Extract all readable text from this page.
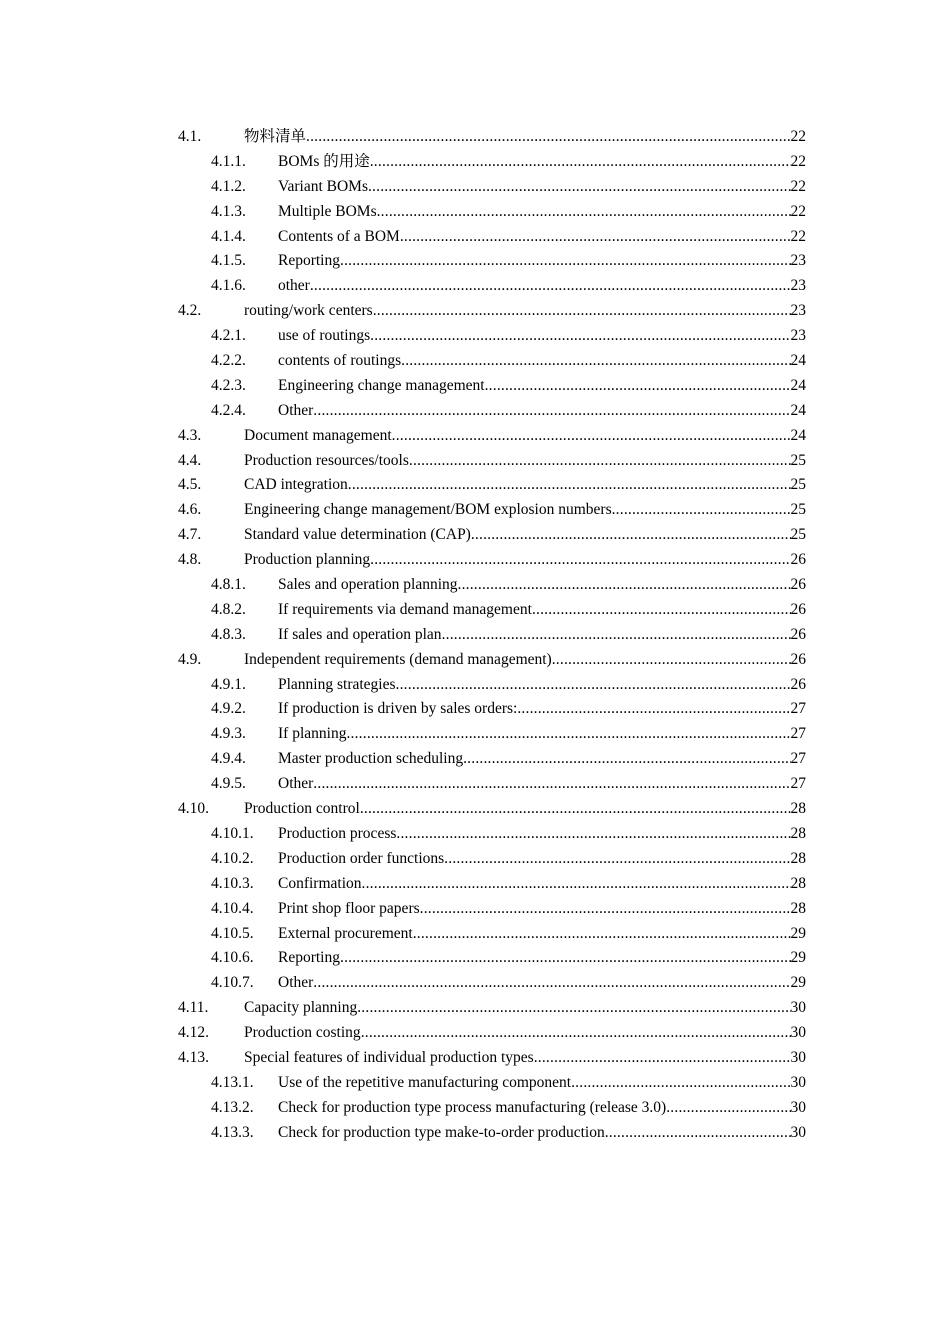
4.1.	物料清单 .....	22
4.1.1.	BOMs 的用途 .....	22
4.1.2.	Variant BOMs .....	22
4.1.3.	Multiple BOMs .....	22
4.1.4.	Contents of a BOM .....	22
4.1.5.	Reporting .....	23
4.1.6.	other .....	23
4.2.	routing/work centers .....	23
4.2.1.	use of routings .....	23
4.2.2.	contents of routings .....	24
4.2.3.	Engineering change management .....	24
4.2.4.	Other .....	24
4.3.	Document management .....	24
4.4.	Production resources/tools .....	25
4.5.	CAD integration .....	25
4.6.	Engineering change management/BOM explosion numbers .....	25
4.7.	Standard value determination (CAP) .....	25
4.8.	Production planning .....	26
4.8.1.	Sales and operation planning .....	26
4.8.2.	If requirements via demand management .....	26
4.8.3.	If sales and operation plan .....	26
4.9.	Independent requirements (demand management) .....	26
4.9.1.	Planning strategies .....	26
4.9.2.	If production is driven by sales orders: .....	27
4.9.3.	If planning .....	27
4.9.4.	Master production scheduling .....	27
4.9.5.	Other .....	27
4.10.	Production control .....	28
4.10.1.	Production process .....	28
4.10.2.	Production order functions .....	28
4.10.3.	Confirmation .....	28
4.10.4.	Print shop floor papers .....	28
4.10.5.	External procurement .....	29
4.10.6.	Reporting .....	29
4.10.7.	Other .....	29
4.11.	Capacity planning .....	30
4.12.	Production costing .....	30
4.13.	Special features of individual production types .....	30
4.13.1.	Use of the repetitive manufacturing component .....	30
4.13.2.	Check for production type process manufacturing (release 3.0) .....	30
4.13.3.	Check for production type make-to-order production .....	30
